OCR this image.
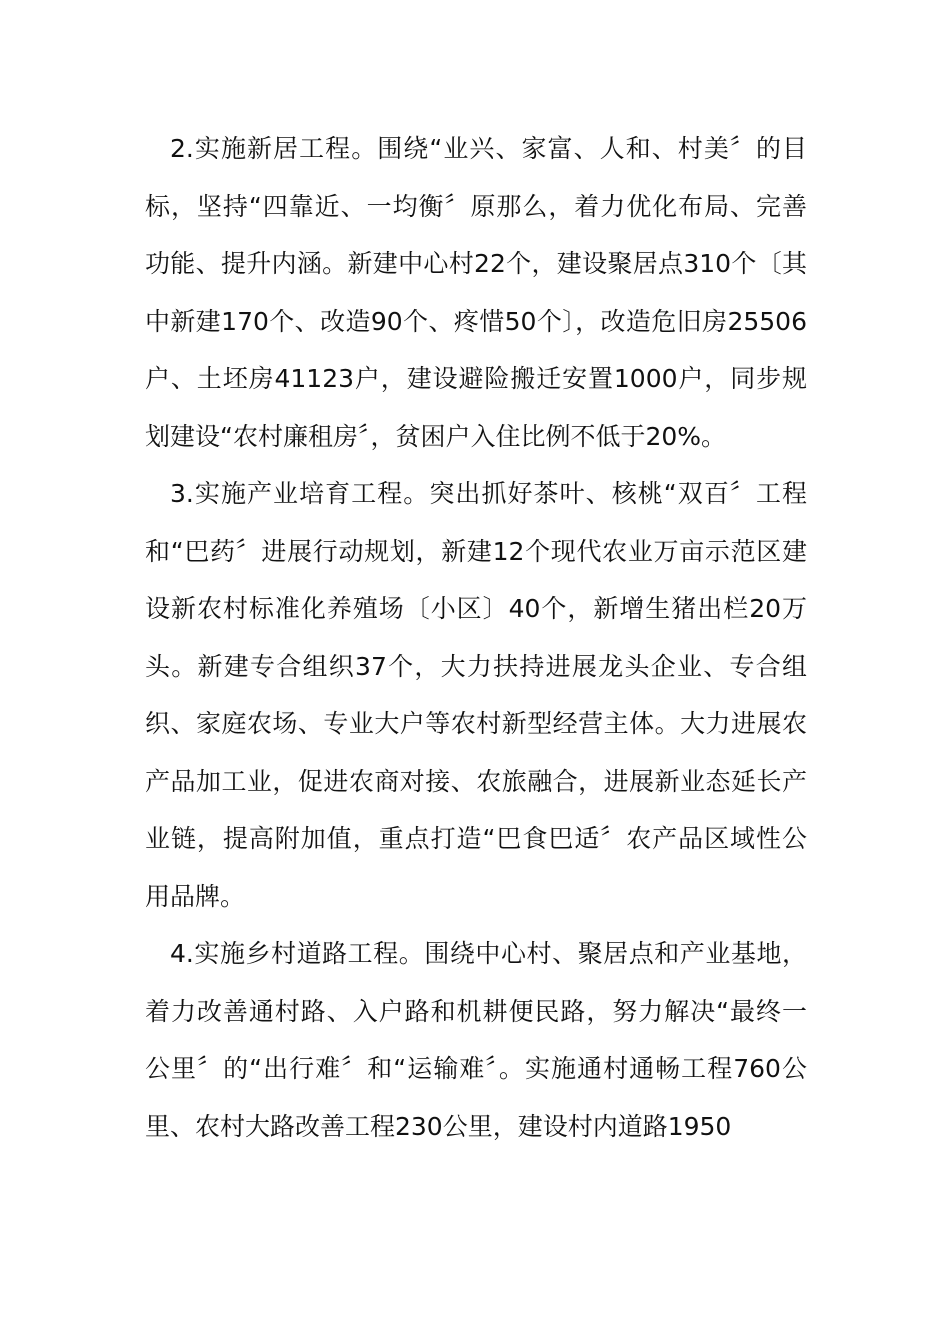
2.实施新居工程。围绕“业兴、家富、人和、村美〞的目标，坚持“四靠近、一均衡〞原那么，着力优化布局、完善功能、提升内涵。新建中心村22个，建设聚居点310个〔其中新建170个、改造90个、疼惜50个〕，改造危旧房25506户、土坯房41123户，建设避险搬迁安置1000户，同步规划建设“农村廉租房〞，贫困户入住比例不低于20%。

3.实施产业培育工程。突出抓好茶叶、核桃“双百〞工程和“巴药〞进展行动规划，新建12个现代农业万亩示范区建设新农村标准化养殖场〔小区〕40个，新增生猪出栏20万头。新建专合组织37个，大力扶持进展龙头企业、专合组织、家庭农场、专业大户等农村新型经营主体。大力进展农产品加工业，促进农商对接、农旅融合，进展新业态延长产业链，提高附加值，重点打造“巴食巴适〞农产品区域性公用品牌。

4.实施乡村道路工程。围绕中心村、聚居点和产业基地，着力改善通村路、入户路和机耕便民路，努力解决“最终一公里〞的“出行难〞和“运输难〞。实施通村通畅工程760公里、农村大路改善工程230公里，建设村内道路1950
